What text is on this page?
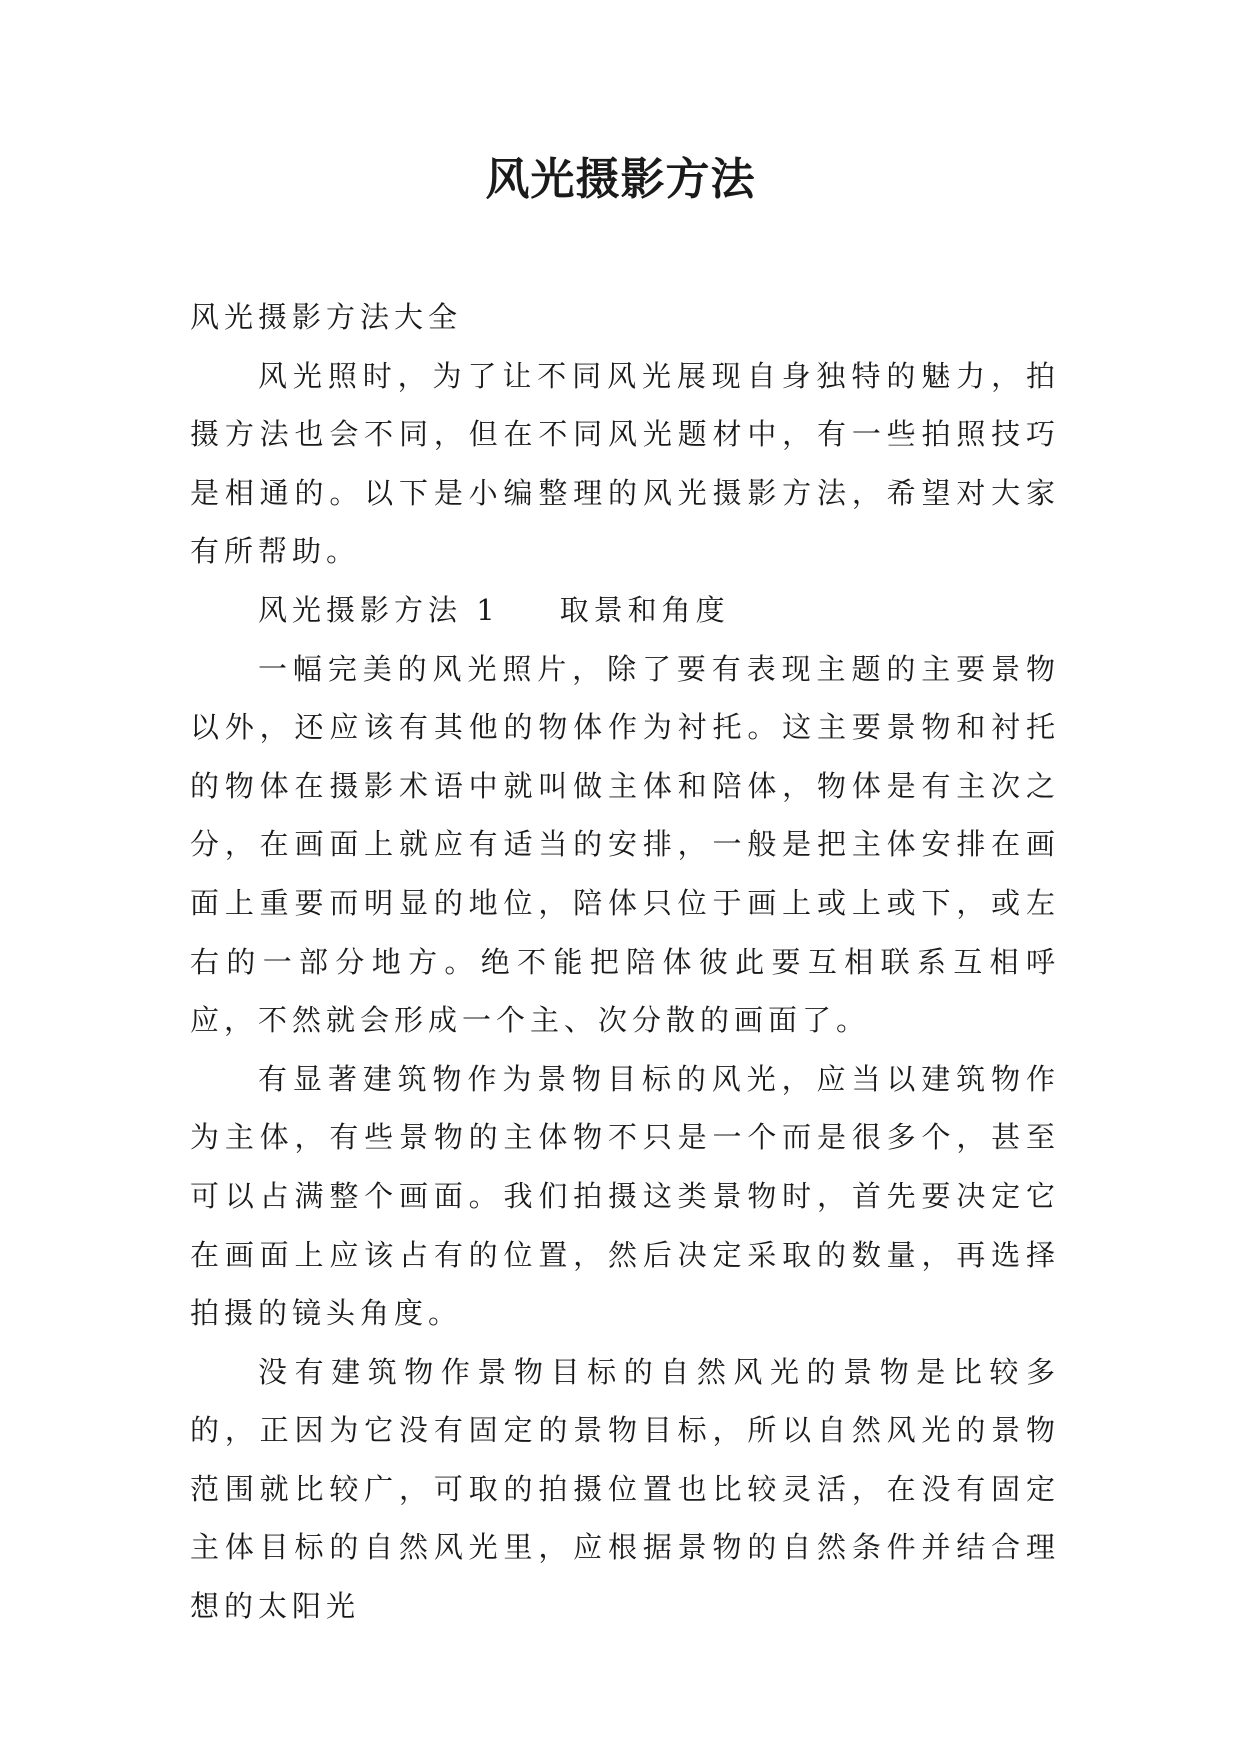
风光摄影方法

风光摄影方法大全

风光照时，为了让不同风光展现自身独特的魅力，拍摄方法也会不同，但在不同风光题材中，有一些拍照技巧是相通的。以下是小编整理的风光摄影方法，希望对大家有所帮助。

风光摄影方法 1 取景和角度

一幅完美的风光照片，除了要有表现主题的主要景物以外，还应该有其他的物体作为衬托。这主要景物和衬托的物体在摄影术语中就叫做主体和陪体，物体是有主次之分，在画面上就应有适当的安排，一般是把主体安排在画面上重要而明显的地位，陪体只位于画上或上或下，或左右的一部分地方。绝不能把陪体彼此要互相联系互相呼应，不然就会形成一个主、次分散的画面了。

有显著建筑物作为景物目标的风光，应当以建筑物作为主体，有些景物的主体物不只是一个而是很多个，甚至可以占满整个画面。我们拍摄这类景物时，首先要决定它在画面上应该占有的位置，然后决定采取的数量，再选择拍摄的镜头角度。

没有建筑物作景物目标的自然风光的景物是比较多的，正因为它没有固定的景物目标，所以自然风光的景物范围就比较广，可取的拍摄位置也比较灵活，在没有固定主体目标的自然风光里，应根据景物的自然条件并结合理想的太阳光
